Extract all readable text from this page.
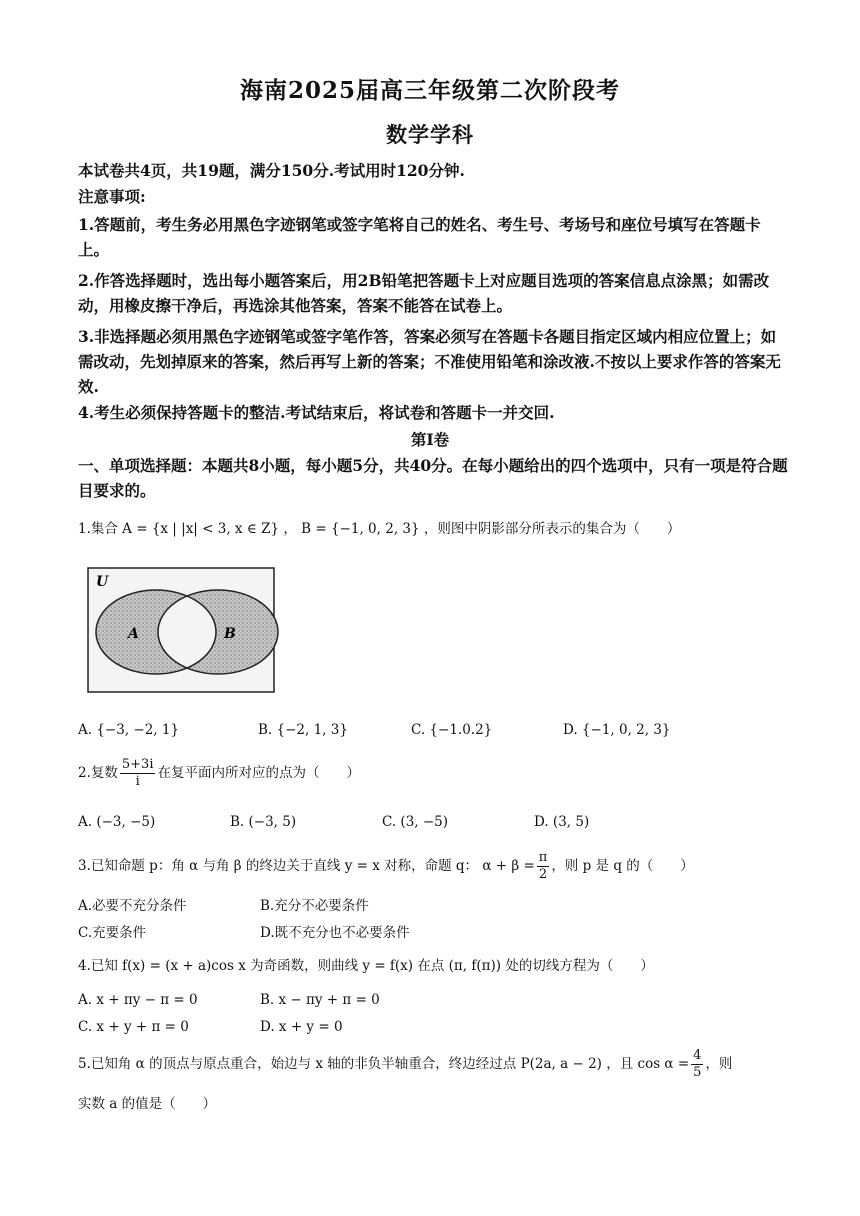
海南2025届高三年级第二次阶段考
数学学科
本试卷共4页，共19题，满分150分.考试用时120分钟.
注意事项:
1.答题前，考生务必用黑色字迹钢笔或签字笔将自己的姓名、考生号、考场号和座位号填写在答题卡上。
2.作答选择题时，选出每小题答案后，用2B铅笔把答题卡上对应题目选项的答案信息点涂黑；如需改动，用橡皮擦干净后，再选涂其他答案，答案不能答在试卷上。
3.非选择题必须用黑色字迹钢笔或签字笔作答，答案必须写在答题卡各题目指定区域内相应位置上；如需改动，先划掉原来的答案，然后再写上新的答案；不准使用铅笔和涂改液.不按以上要求作答的答案无效.
4.考生必须保持答题卡的整洁.考试结束后，将试卷和答题卡一并交回.
第I卷
一、单项选择题：本题共8小题，每小题5分，共40分。在每小题给出的四个选项中，只有一项是符合题目要求的。
1.集合 A = {x | |x| < 3, x ∈ Z} ， B = {−1, 0, 2, 3} ，则图中阴影部分所表示的集合为（　　）
U
A	B
A. {−3, −2, 1}	B. {−2, 1, 3}	C. {−1.0.2}	D. {−1, 0, 2, 3}
2.复数 $\frac{5+3i}{i}$ 在复平面内所对应的点为（　　）
A. (−3, −5)	B. (−3, 5)	C. (3, −5)	D. (3, 5)
3.已知命题 p：角 α 与角 β 的终边关于直线 y = x 对称，命题 q： $\alpha + \beta = \frac{\pi}{2}$ ，则 p 是 q 的（　　）
A.必要不充分条件	B.充分不必要条件
C.充要条件	D.既不充分也不必要条件
4.已知 f(x) = (x + a)cos x 为奇函数，则曲线 y = f(x) 在点 (π, f(π)) 处的切线方程为（　　）
A. x + πy − π = 0	B. x − πy + π = 0
C. x + y + π = 0	D. x + y = 0
5.已知角 α 的顶点与原点重合，始边与 x 轴的非负半轴重合，终边经过点 P(2a, a − 2) ，且 $\cos \alpha = \frac{4}{5}$ ，则
实数 a 的值是（　　）
